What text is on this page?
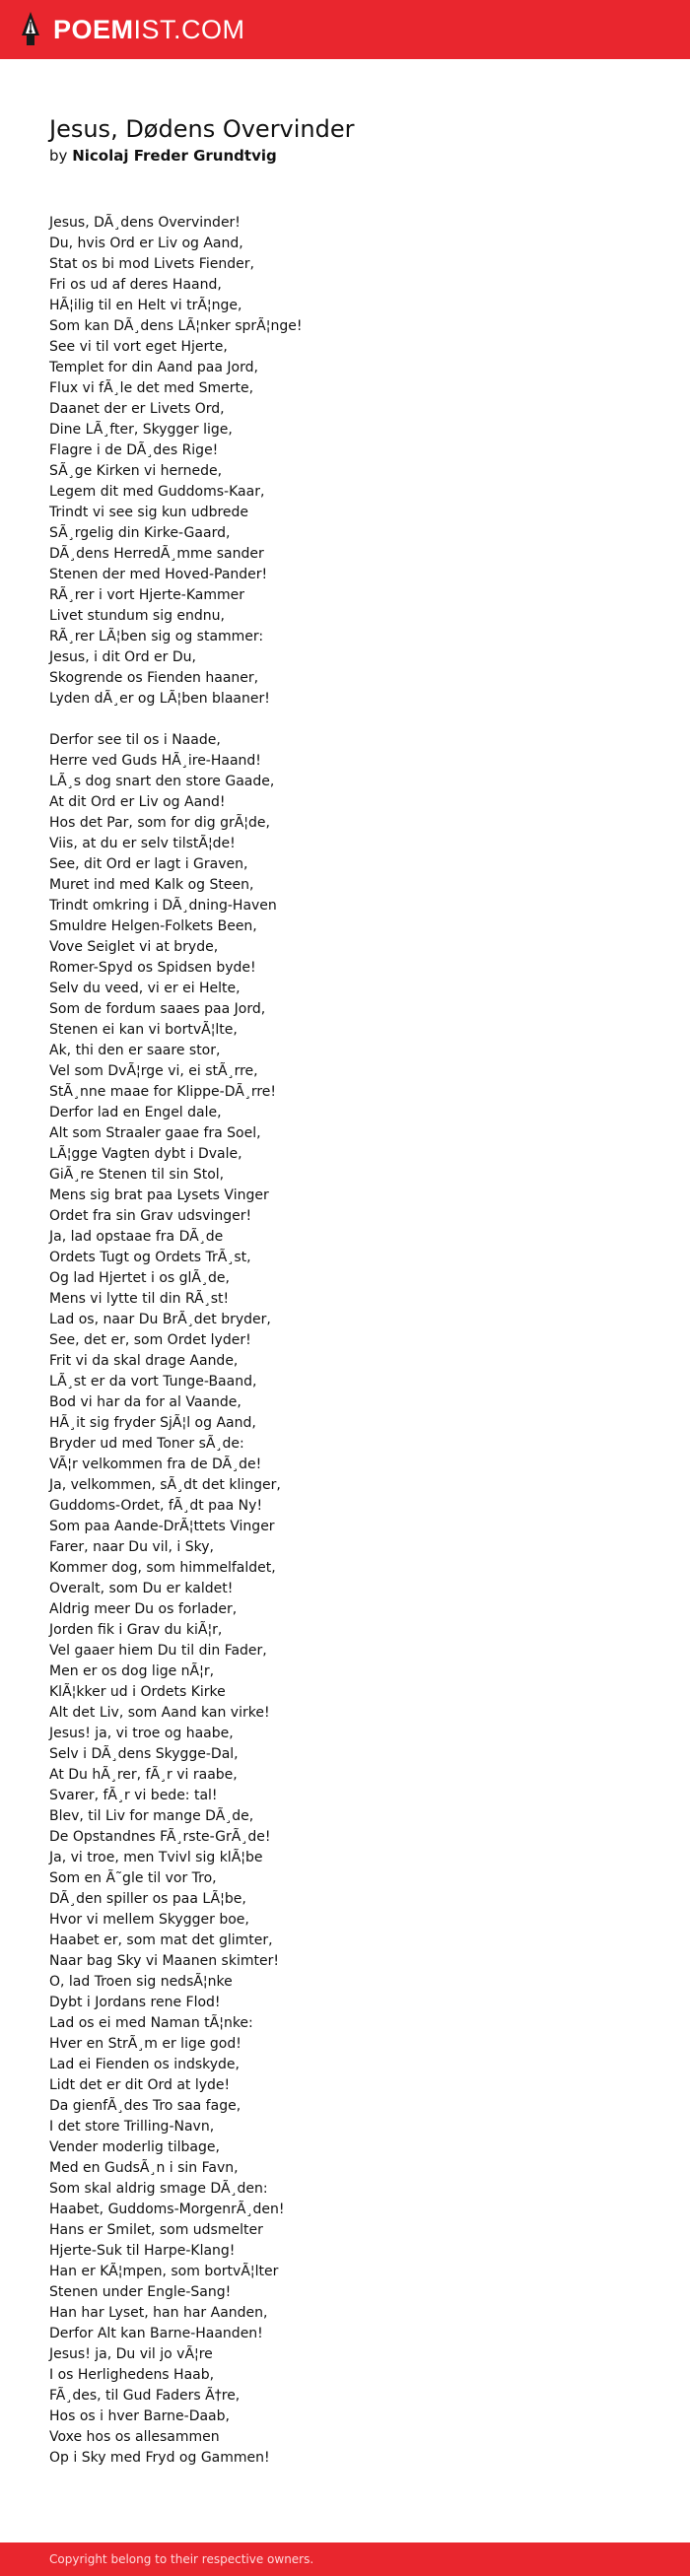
POEMIST.COM
Jesus, Dødens Overvinder
by Nicolaj Freder Grundtvig
Jesus, DÃ¸dens Overvinder!
Du, hvis Ord er Liv og Aand,
Stat os bi mod Livets Fiender,
Fri os ud af deres Haand,
HÃ¦ilig til en Helt vi trÃ¦nge,
Som kan DÃ¸dens LÃ¦nker sprÃ¦nge!
See vi til vort eget Hjerte,
Templet for din Aand paa Jord,
Flux vi fÃ¸le det med Smerte,
Daanet der er Livets Ord,
Dine LÃ¸fter, Skygger lige,
Flagre i de DÃ¸des Rige!
SÃ¸ge Kirken vi hernede,
Legem dit med Guddoms-Kaar,
Trindt vi see sig kun udbrede
SÃ¸rgelig din Kirke-Gaard,
DÃ¸dens HerredÃ¸mme sander
Stenen der med Hoved-Pander!
RÃ¸rer i vort Hjerte-Kammer
Livet stundum sig endnu,
RÃ¸rer LÃ¦ben sig og stammer:
Jesus, i dit Ord er Du,
Skogrende os Fienden haaner,
Lyden dÃ¸er og LÃ¦ben blaaner!
Derfor see til os i Naade,
Herre ved Guds HÃ¸ire-Haand!
LÃ¸s dog snart den store Gaade,
At dit Ord er Liv og Aand!
Hos det Par, som for dig grÃ¦de,
Viis, at du er selv tilstÃ¦de!
See, dit Ord er lagt i Graven,
Muret ind med Kalk og Steen,
Trindt omkring i DÃ¸dning-Haven
Smuldre Helgen-Folkets Been,
Vove Seiglet vi at bryde,
Romer-Spyd os Spidsen byde!
Selv du veed, vi er ei Helte,
Som de fordum saaes paa Jord,
Stenen ei kan vi bortvÃ¦lte,
Ak, thi den er saare stor,
Vel som DvÃ¦rge vi, ei stÃ¸rre,
StÃ¸nne maae for Klippe-DÃ¸rre!
Derfor lad en Engel dale,
Alt som Straaler gaae fra Soel,
LÃ¦gge Vagten dybt i Dvale,
GiÃ¸re Stenen til sin Stol,
Mens sig brat paa Lysets Vinger
Ordet fra sin Grav udsvinger!
Ja, lad opstaae fra DÃ¸de
Ordets Tugt og Ordets TrÃ¸st,
Og lad Hjertet i os glÃ¸de,
Mens vi lytte til din RÃ¸st!
Lad os, naar Du BrÃ¸det bryder,
See, det er, som Ordet lyder!
Frit vi da skal drage Aande,
LÃ¸st er da vort Tunge-Baand,
Bod vi har da for al Vaande,
HÃ¸it sig fryder SjÃ¦l og Aand,
Bryder ud med Toner sÃ¸de:
VÃ¦r velkommen fra de DÃ¸de!
Ja, velkommen, sÃ¸dt det klinger,
Guddoms-Ordet, fÃ¸dt paa Ny!
Som paa Aande-DrÃ¦ttets Vinger
Farer, naar Du vil, i Sky,
Kommer dog, som himmelfaldet,
Overalt, som Du er kaldet!
Aldrig meer Du os forlader,
Jorden fik i Grav du kiÃ¦r,
Vel gaaer hiem Du til din Fader,
Men er os dog lige nÃ¦r,
KlÃ¦kker ud i Ordets Kirke
Alt det Liv, som Aand kan virke!
Jesus! ja, vi troe og haabe,
Selv i DÃ¸dens Skygge-Dal,
At Du hÃ¸rer, fÃ¸r vi raabe,
Svarer, fÃ¸r vi bede: tal!
Blev, til Liv for mange DÃ¸de,
De Opstandnes FÃ¸rste-GrÃ¸de!
Ja, vi troe, men Tvivl sig klÃ¦be
Som en Ã˜gle til vor Tro,
DÃ¸den spiller os paa LÃ¦be,
Hvor vi mellem Skygger boe,
Haabet er, som mat det glimter,
Naar bag Sky vi Maanen skimter!
O, lad Troen sig nedsÃ¦nke
Dybt i Jordans rene Flod!
Lad os ei med Naman tÃ¦nke:
Hver en StrÃ¸m er lige god!
Lad ei Fienden os indskyde,
Lidt det er dit Ord at lyde!
Da gienfÃ¸des Tro saa fage,
I det store Trilling-Navn,
Vender moderlig tilbage,
Med en GudsÃ¸n i sin Favn,
Som skal aldrig smage DÃ¸den:
Haabet, Guddoms-MorgenrÃ¸den!
Hans er Smilet, som udsmelter
Hjerte-Suk til Harpe-Klang!
Han er KÃ¦mpen, som bortvÃ¦lter
Stenen under Engle-Sang!
Han har Lyset, han har Aanden,
Derfor Alt kan Barne-Haanden!
Jesus! ja, Du vil jo vÃ¦re
I os Herlighedens Haab,
FÃ¸des, til Gud Faders Ã†re,
Hos os i hver Barne-Daab,
Voxe hos os allesammen
Op i Sky med Fryd og Gammen!
Copyright belong to their respective owners.
